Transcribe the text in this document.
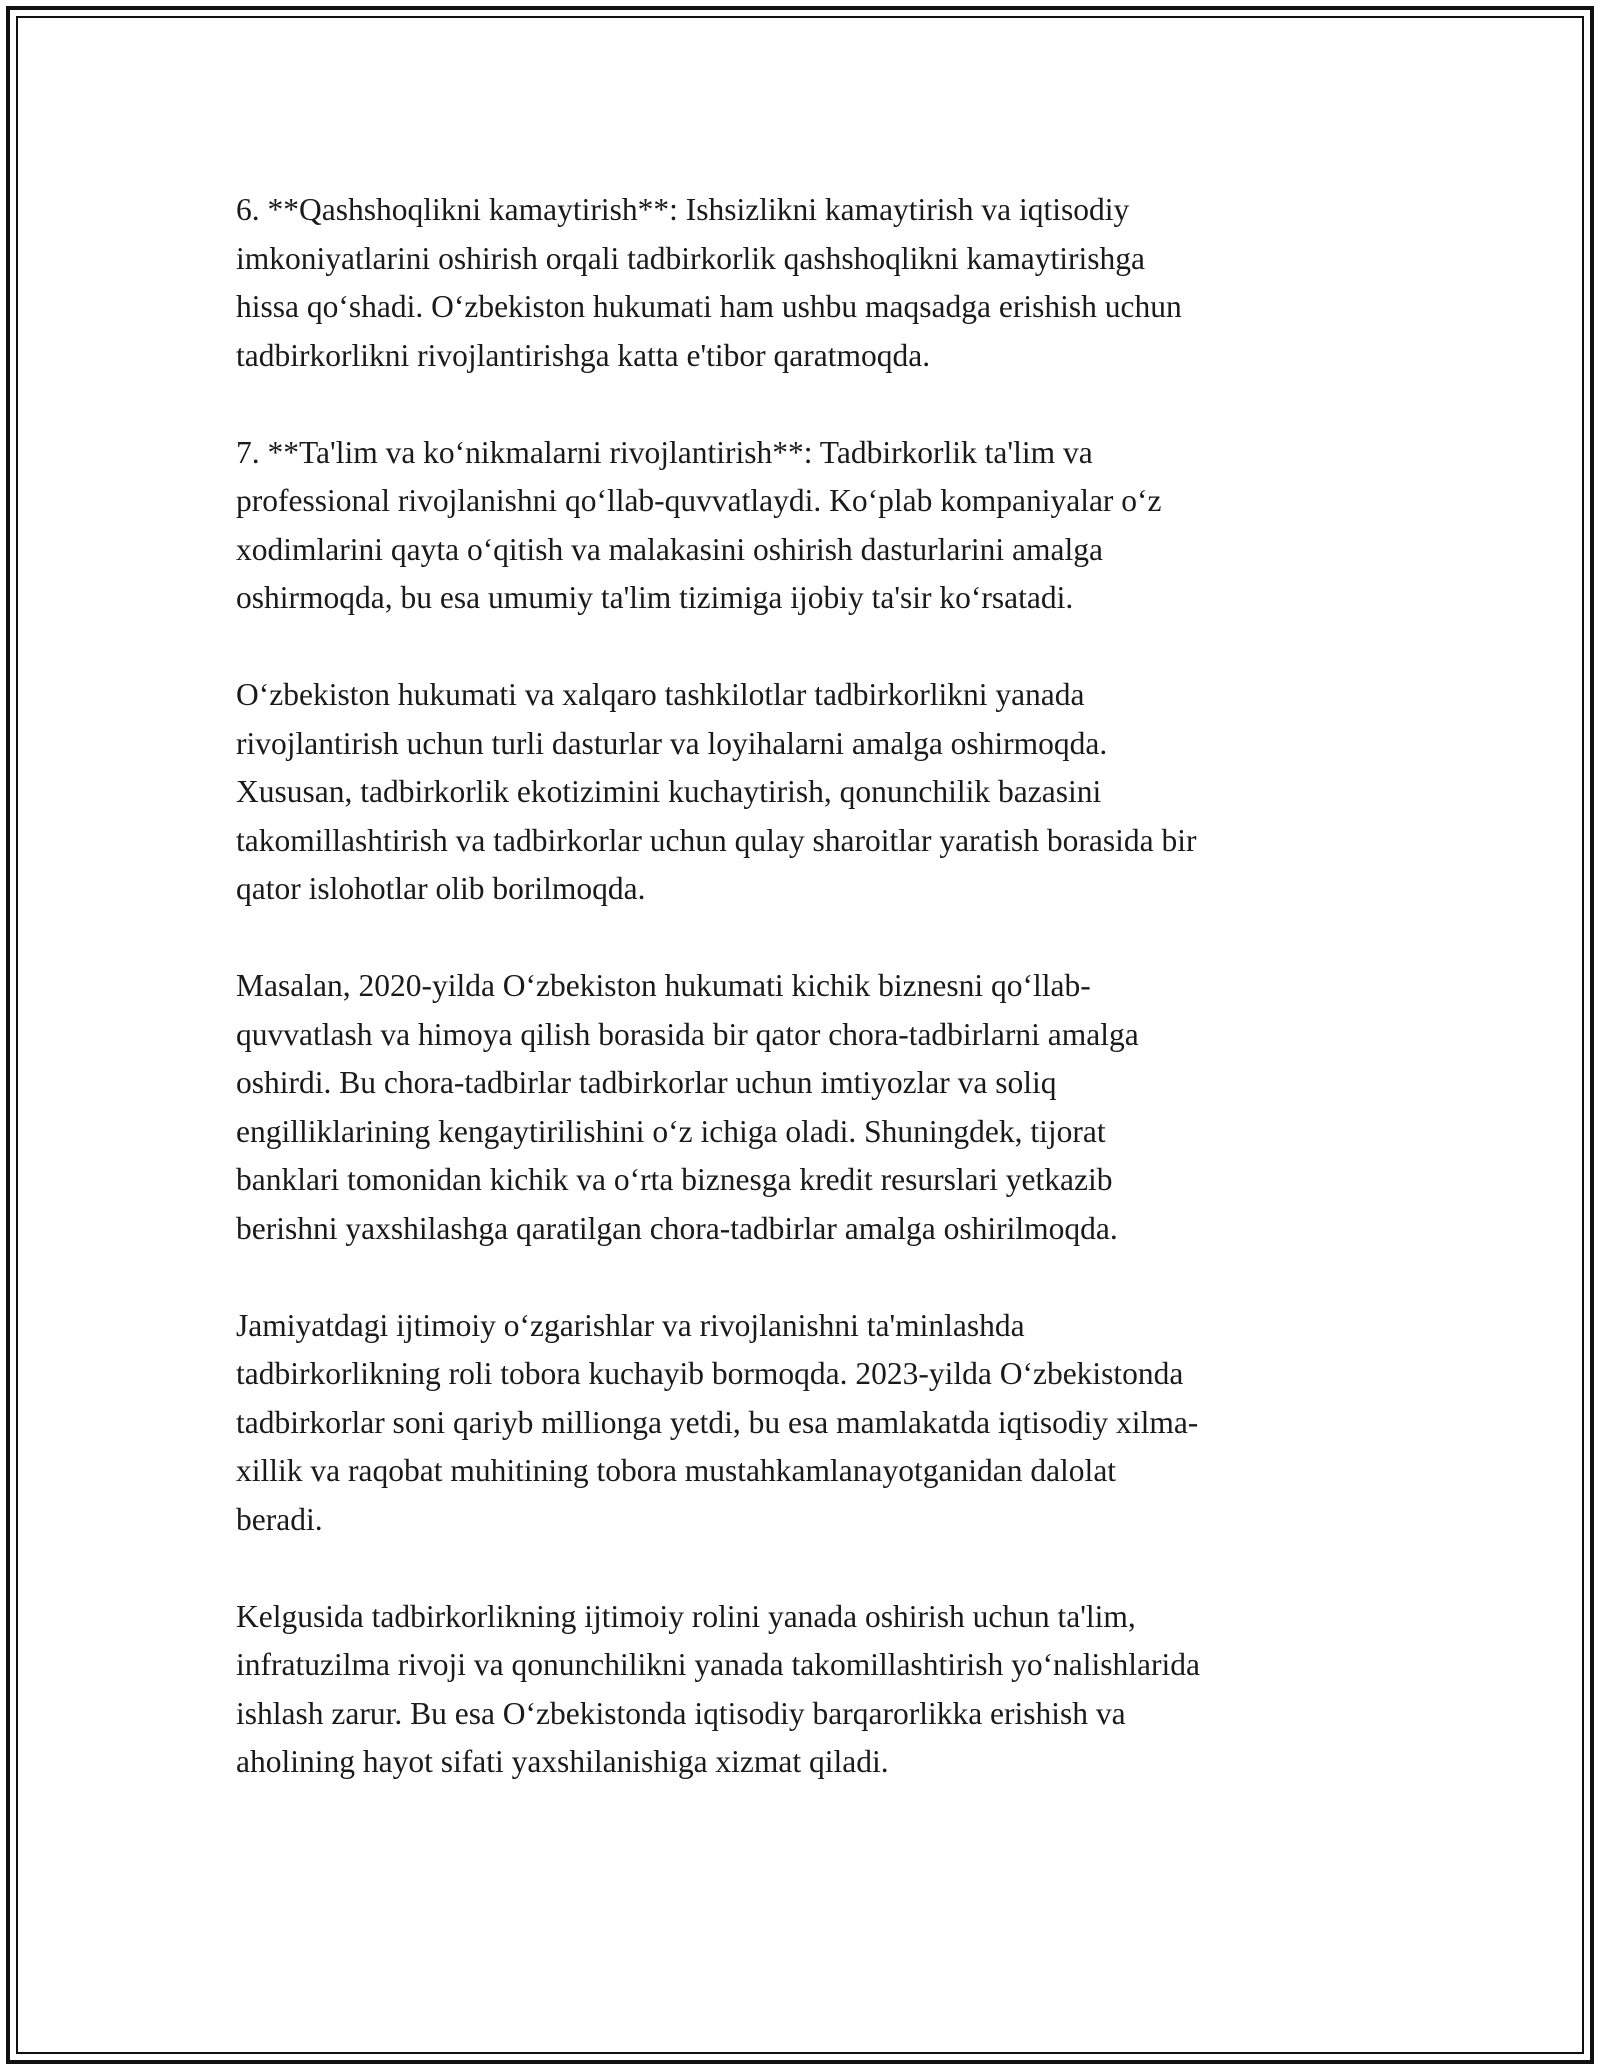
6. **Qashshoqlikni kamaytirish**: Ishsizlikni kamaytirish va iqtisodiy
imkoniyatlarini oshirish orqali tadbirkorlik qashshoqlikni kamaytirishga
hissa qo‘shadi. O‘zbekiston hukumati ham ushbu maqsadga erishish uchun
tadbirkorlikni rivojlantirishga katta e'tibor qaratmoqda.

7. **Ta'lim va ko‘nikmalarni rivojlantirish**: Tadbirkorlik ta'lim va
professional rivojlanishni qo‘llab-quvvatlaydi. Ko‘plab kompaniyalar o‘z
xodimlarini qayta o‘qitish va malakasini oshirish dasturlarini amalga
oshirmoqda, bu esa umumiy ta'lim tizimiga ijobiy ta'sir ko‘rsatadi.

O‘zbekiston hukumati va xalqaro tashkilotlar tadbirkorlikni yanada
rivojlantirish uchun turli dasturlar va loyihalarni amalga oshirmoqda.
Xususan, tadbirkorlik ekotizimini kuchaytirish, qonunchilik bazasini
takomillashtirish va tadbirkorlar uchun qulay sharoitlar yaratish borasida bir
qator islohotlar olib borilmoqda.

Masalan, 2020-yilda O‘zbekiston hukumati kichik biznesni qo‘llab-
quvvatlash va himoya qilish borasida bir qator chora-tadbirlarni amalga
oshirdi. Bu chora-tadbirlar tadbirkorlar uchun imtiyozlar va soliq
engilliklarining kengaytirilishini o‘z ichiga oladi. Shuningdek, tijorat
banklari tomonidan kichik va o‘rta biznesga kredit resurslari yetkazib
berishni yaxshilashga qaratilgan chora-tadbirlar amalga oshirilmoqda.

Jamiyatdagi ijtimoiy o‘zgarishlar va rivojlanishni ta'minlashda
tadbirkorlikning roli tobora kuchayib bormoqda. 2023-yilda O‘zbekistonda
tadbirkorlar soni qariyb millionga yetdi, bu esa mamlakatda iqtisodiy xilma-
xillik va raqobat muhitining tobora mustahkamlanayotganidan dalolat
beradi.

Kelgusida tadbirkorlikning ijtimoiy rolini yanada oshirish uchun ta'lim,
infratuzilma rivoji va qonunchilikni yanada takomillashtirish yo‘nalishlarida
ishlash zarur. Bu esa O‘zbekistonda iqtisodiy barqarorlikka erishish va
aholining hayot sifati yaxshilanishiga xizmat qiladi.
